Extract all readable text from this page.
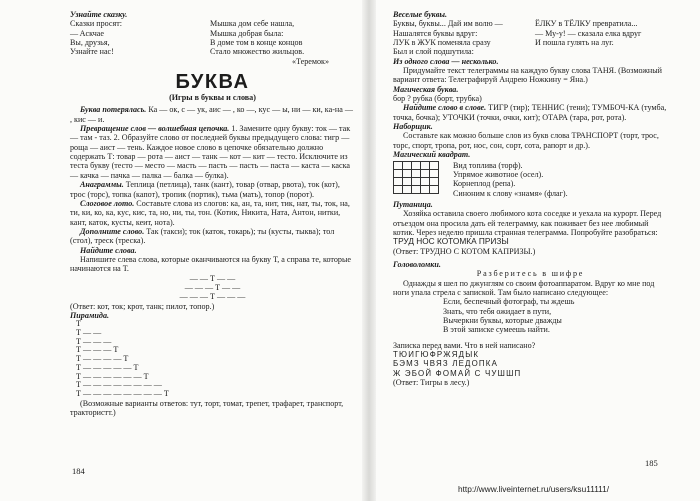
Узнайте сказку.

Сказки просят:

— Acкчае

Вы, друзья,

Узнайте нас!

Мышка дом себе нашла,

Мышка добрая была:

В доме том в конце концов

Стало множество жильцов.

«Теремок»

БУКВА

(Игры в буквы и слова)

Буква потерялась. Ка — ок, с — ук, аис — , ко —, кус — ы, ни — ки, ка-на — , кис — и.

Превращение слов — волшебная цепочка. 1. Замените одну букву: ток — так — там - таз. 2. Образуйте слово от последней буквы предыдущего слова: тигр — роща — аист — тень. Каждое новое слово в цепочке обязательно должно содержать Т: товар — рота — аист — танк — кот — кит — тесто. Исключите из теста букву (тесто — место — масть — пасть — пасть — паста — каста — каска — качка — пачка — палка — балка — булка).

Анаграммы. Теплица (петлица), танк (кант), товар (отвар, рвота), ток (кот), трос (торс), топка (капот), тропик (портик), тьма (мать), топор (порот).

Слоговое лото. Составьте слова из слогов: ка, ан, та, нит, тик, нат, ты, ток, на, ти, ки, ко, ка, кус, кис, та, но, ни, ты, тон. (Котик, Никита, Ната, Антон, нитки, кант, каток, кусты, кеит, нота).

Дополните слово. Так (такси); ток (каток, токарь); ты (кусты, тыква); тол (стол), треск (треска).

Найдите слова.

Напишите слева слова, которые оканчиваются на букву Т, а справа те, которые начинаются на Т.

— — Т — —

— — — Т — —

— — — Т — — —

(Ответ: кот, ток; крот, танк; пилот, топор.)

Пирамида.

Т

Т — —

Т — — —

Т — — — Т

Т — — — — Т

Т — — — — — Т

Т — — — — — — Т

Т — — — — — — — —

Т — — — — — — — — Т

(Возможные варианты ответов: тут, торт, томат, трепет, трафарет, транспорт, трактористт.)

184

Веселые буквы.

Буквы, буквы... Дай им волю —

Нашалятся буквы вдруг:

ЛУК в ЖУК поменяла сразу

Был и слой подшутила:

ЁЛКУ в ТЁЛКУ превратила...

— Му-у! — сказала елка вдруг

И пошла гулять на луг.

Из одного слова — несколько.

Придумайте текст телеграммы на каждую букву слова ТАНЯ. (Возможный вариант ответа: Телеграфируй Андрею Ножкину = Яна.)

Магическая буква.

бор ? рубка (борт, трубка)

Найдите слово в слове. ТИГР (тир); ТЕННИС (тени); ТУМБОЧ-КА (тумба, точка, бочка); УТОЧКИ (точки, очки, кит); ОТАРА (тара, рот, рота).

Наборщик.

Составьте как можно больше слов из букв слова ТРАНСПОРТ (торт, трос, торс, спорт, тропа, рот, нос, сон, сорт, сота, рапорт и др.).

Магический квадрат.

Вид топлива (торф).

Упрямое животное (осел).

Корнеплод (репа).

Синоним к слову «знамя» (флаг).

Путаница.

Хозяйка оставила своего любимого кота соседке и уехала на курорт. Перед отъездом она просила дать ей телеграмму, как поживает без нее любимый котик. Через неделю пришла странная телеграмма. Попробуйте разобраться:

ТРУД НОС КОТОМКА ПРИЗЫ

(Ответ: ТРУДНО С КОТОМ КАПРИЗЫ.)

Головоломки.

Разберитесь в шифре

Однажды я шел по джунглям со своим фотоаппаратом. Вдруг ко мне под ноги упала стрела с запиской. Там было написано следующее:

Если, беспечный фотограф, ты ждешь

Знать, что тебя ожидает в пути,

Вычеркни буквы, которые дважды

В этой записке сумеешь найти.

Записка перед вами. Что в ней написано?

ТЮИГЮФРЖЯДЫК

БЭМЗ ЧВЯЗ ЛЕДОПКА

Ж ЭБОЙ ФОМАЙ С ЧУШШП

(Ответ: Тигры в лесу.)

185
http://www.liveinternet.ru/users/ksu11111/
